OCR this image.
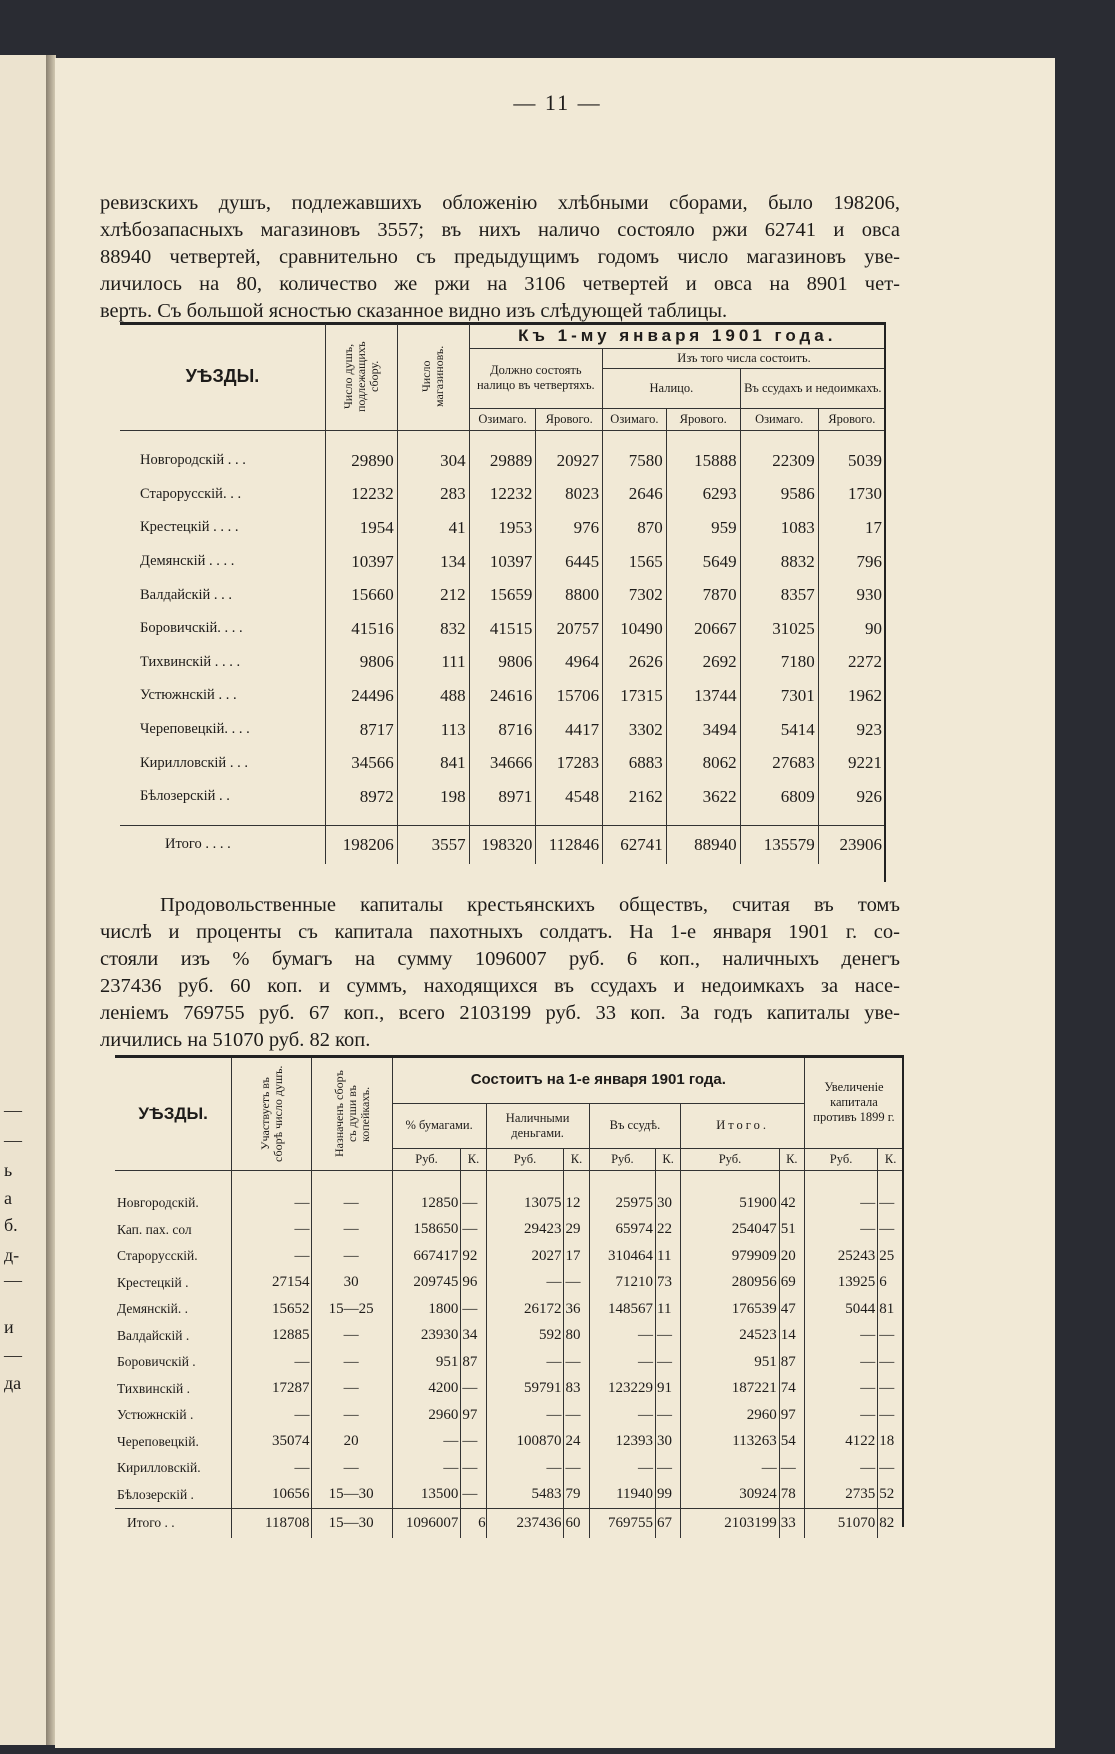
—
—
ь
а
б.
д-
—
и
—
да
— 11 —
ревизскихъ душъ, подлежавшихъ обложенію хлѣбными сборами, было 198206,
хлѣбозапасныхъ магазиновъ 3557; въ нихъ наличо состояло ржи 62741 и овса
88940 четвертей, сравнительно съ предыдущимъ годомъ число магазиновъ уве-
личилось на 80, количество же ржи на 3106 четвертей и овса на 8901 чет-
верть. Съ большой ясностью сказанное видно изъ слѣдующей таблицы.
УѢЗДЫ.	Число душъ, подлежащихъ сбору.	Число магазиновъ.	Къ 1-му января 1901 года.					
			Должно состоять налицо въ четвертяхъ.		Изъ того числа состоитъ.			
					Налицо.		Въ ссудахъ и недоимкахъ.	
			Озимаго.	Ярового.	Озимаго.	Ярового.	Озимаго.	Ярового.

Новгородскій . . .	29890	304	29889	20927	7580	15888	22309	5039
Старорусскій. . .	12232	283	12232	8023	2646	6293	9586	1730
Крестецкій . . . .	1954	41	1953	976	870	959	1083	17
Демянскій . . . .	10397	134	10397	6445	1565	5649	8832	796
Валдайскій . . .	15660	212	15659	8800	7302	7870	8357	930
Боровичскій. . . .	41516	832	41515	20757	10490	20667	31025	90
Тихвинскій . . . .	9806	111	9806	4964	2626	2692	7180	2272
Устюжнскій . . .	24496	488	24616	15706	17315	13744	7301	1962
Череповецкій. . . .	8717	113	8716	4417	3302	3494	5414	923
Кирилловскій . . .	34566	841	34666	17283	6883	8062	27683	9221
Бѣлозерскій . .	8972	198	8971	4548	2162	3622	6809	926

Итого . . . .	198206	3557	198320	112846	62741	88940	135579	23906
Продовольственные капиталы крестьянскихъ обществъ, считая въ томъ
числѣ и проценты съ капитала пахотныхъ солдатъ. На 1-е января 1901 г. со-
стояли изъ % бумагъ на сумму 1096007 руб. 6 коп., наличныхъ денегъ
237436 руб. 60 коп. и суммъ, находящихся въ ссудахъ и недоимкахъ за насе-
леніемъ 769755 руб. 67 коп., всего 2103199 руб. 33 коп. За годъ капиталы уве-
личились на 51070 руб. 82 коп.
УѢЗДЫ.	Участвуетъ въ сборѣ число душъ.	Назначенъ сборъ съ души въ копейкахъ.	Состоитъ на 1-е января 1901 года.								Увеличеніе капитала противъ 1899 г.	
			% бумагами.		Наличными деньгами.		Въ ссудѣ.		Итого.			
			Руб.	К.	Руб.	К.	Руб.	К.	Руб.	К.	Руб.	К.

Новгородскій.	—	—	12850	—	13075	12	25975	30	51900	42	—	—
Кап. пах. сол	—	—	158650	—	29423	29	65974	22	254047	51	—	—
Старорусскій.	—	—	667417	92	2027	17	310464	11	979909	20	25243	25
Крестецкій .	27154	30	209745	96	—	—	71210	73	280956	69	13925	6
Демянскій. .	15652	15—25	1800	—	26172	36	148567	11	176539	47	5044	81
Валдайскій .	12885	—	23930	34	592	80	—	—	24523	14	—	—
Боровичскій .	—	—	951	87	—	—	—	—	951	87	—	—
Тихвинскій .	17287	—	4200	—	59791	83	123229	91	187221	74	—	—
Устюжнскій .	—	—	2960	97	—	—	—	—	2960	97	—	—
Череповецкій.	35074	20	—	—	100870	24	12393	30	113263	54	4122	18
Кирилловскій.	—	—	—	—	—	—	—	—	—	—	—	—
Бѣлозерскій .	10656	15—30	13500	—	5483	79	11940	99	30924	78	2735	52
Итого . .	118708	15—30	1096007	6	237436	60	769755	67	2103199	33	51070	82
